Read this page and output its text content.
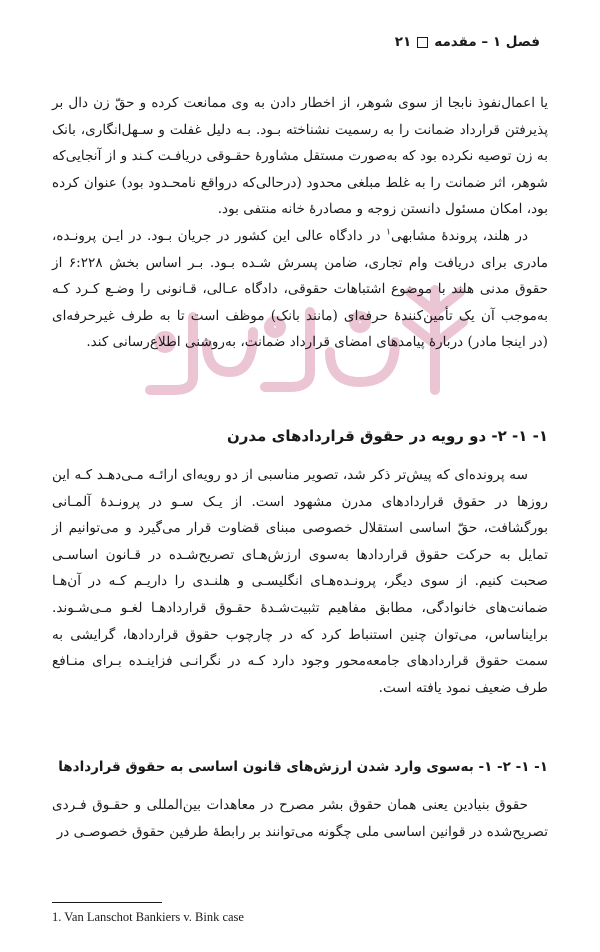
فصل ۱ – مقدمه
۲۱

یا اعمال‌نفوذ نابجا از سوی شوهر، از اخطار دادن به وی ممانعت کرده و حقّ زن دال بر پذیرفتن قرارداد ضمانت را به رسمیت نشناخته بـود. بـه دلیل غفلت و سـهل‌انگاری، بانک به زن توصیه نکرده بود که به‌صورت مستقل مشاورهٔ حقـوقی دریافـت کـند و از آنجایی‌که شوهر، اثر ضمانت را به غلط مبلغی محدود (درحالی‌که درواقع نامحـدود بود) عنوان کرده بود، امکان مسئول دانستن زوجه و مصادرهٔ خانه منتفی بود.

در هلند، پروندهٔ مشابهی$^۱$ در دادگاه عالی این کشور در جریان بـود. در ایـن پرونـده، مادری برای دریافت وام تجاری، ضامن پسرش شـده بـود. بـر اساس بخش ۶:۲۲۸ از حقوق مدنی هلند با موضوع اشتباهات حقوقی، دادگاه عـالی، قـانونی را وضـع کـرد کـه به‌موجب آن یک تأمین‌کنندهٔ حرفه‌ای (مانند بانک) موظف است تا به طرف غیرحرفه‌ای (در اینجا مادر) دربارهٔ پیامدهای امضای قرارداد ضمانت، به‌روشنی اطلاع‌رسانی کند.

۱- ۱- ۲- دو رویه در حقوق قراردادهای مدرن

سه پرونده‌ای که پیش‌تر ذکر شد، تصویر مناسبی از دو رویه‌ای ارائـه مـی‌دهـد کـه این روزها در حقوق قراردادهای مدرن مشهود است. از یـک سـو در پرونـدهٔ آلمـانی بورگشافت، حقّ اساسی استقلال خصوصی مبنای قضاوت قرار می‌گیرد و می‌توانیم از تمایل به حرکت حقوق قراردادها به‌سوی ارزش‌هـای تصریح‌شـده در قـانون اساسـی صحبت کنیم. از سوی دیگر، پرونـده‌هـای انگلیسـی و هلنـدی را داریـم کـه در آن‌هـا ضمانت‌های خانوادگی، مطابق مفاهیم تثبیت‌شـدهٔ حقـوق قراردادهـا لغـو مـی‌شـوند. برایناساس، می‌توان چنین استنباط کرد که در چارچوب حقوق قراردادها، گرایشی به سمت حقوق قراردادهای جامعه‌محور وجود دارد کـه در نگرانـی فزاینـده بـرای منـافع طرف ضعیف نمود یافته است.

۱- ۱- ۲- ۱- به‌سوی وارد شدن ارزش‌های قانون اساسی به حقوق قراردادها

حقوق بنیادین یعنی همان حقوق بشر مصرح در معاهدات بین‌المللی و حقـوق فـردی تصریح‌شده در قوانین اساسی ملی چگونه می‌توانند بر رابطهٔ طرفین حقوق خصوصـی در

1. Van Lanschot Bankiers v. Bink case
